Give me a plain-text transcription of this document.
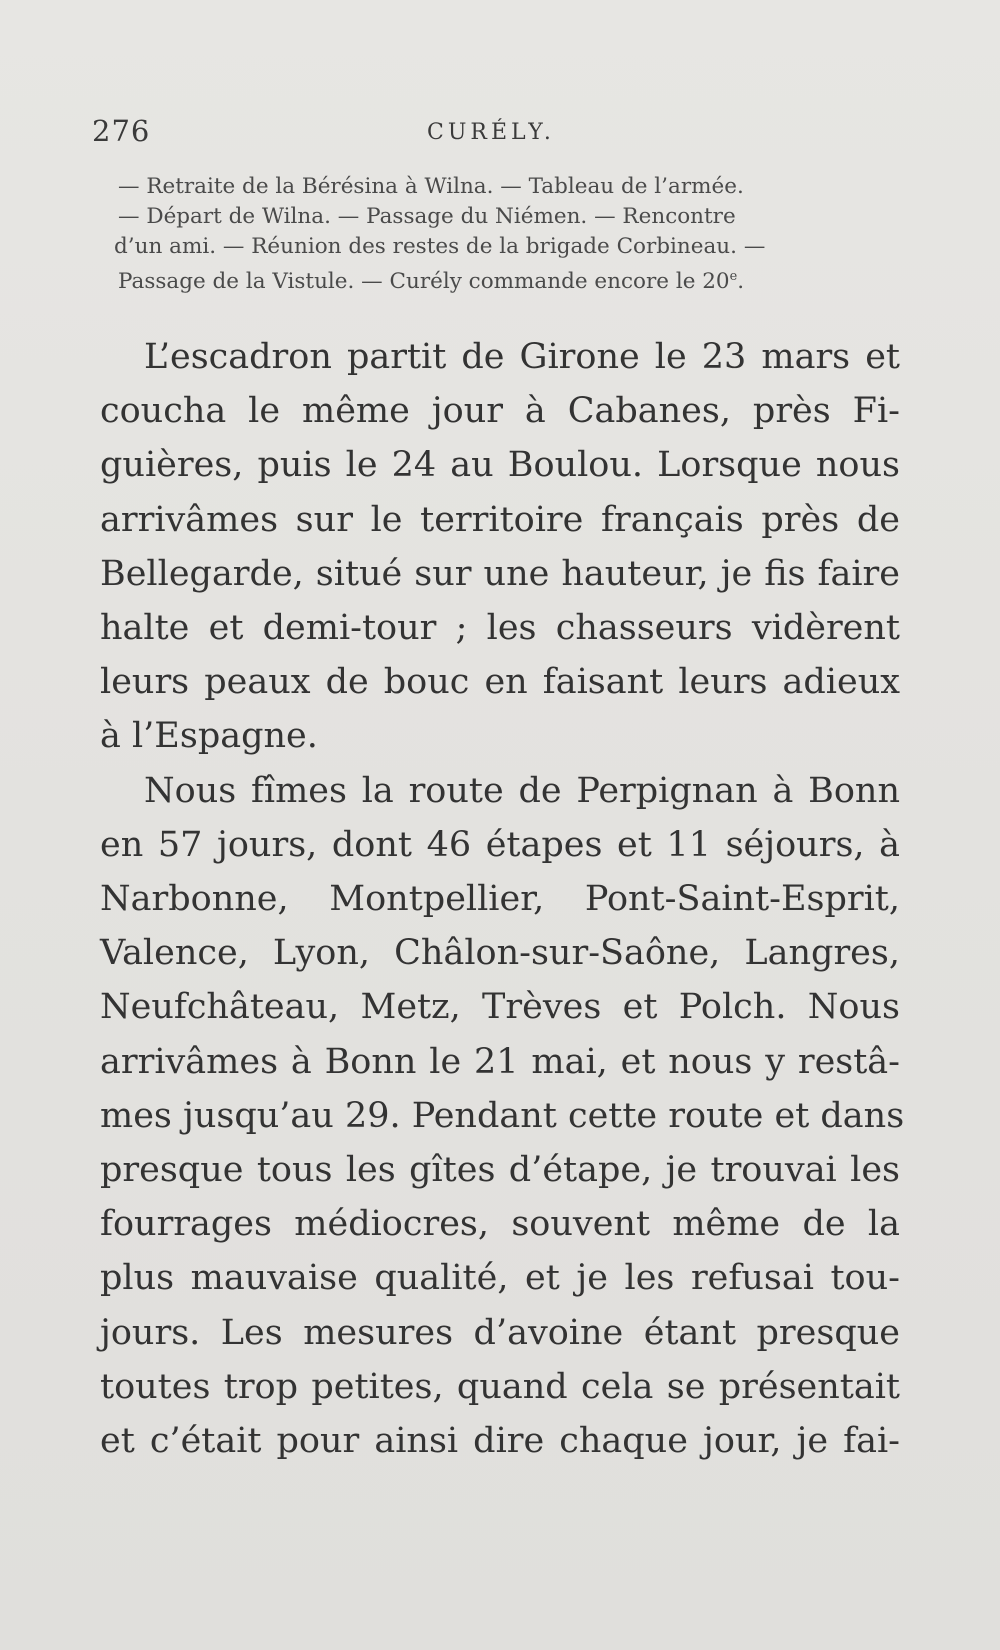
276	CURÉLY.
— Retraite de la Bérésina à Wilna. — Tableau de l’armée.
— Départ de Wilna. — Passage du Niémen. — Rencontre
d’un ami. — Réunion des restes de la brigade Corbineau. —
Passage de la Vistule. — Curély commande encore le 20e.
L’escadron partit de Girone le 23 mars et
coucha le même jour à Cabanes, près Fi-
guières, puis le 24 au Boulou. Lorsque nous
arrivâmes sur le territoire français près de
Bellegarde, situé sur une hauteur, je fis faire
halte et demi-tour ; les chasseurs vidèrent
leurs peaux de bouc en faisant leurs adieux
à l’Espagne.
Nous fîmes la route de Perpignan à Bonn
en 57 jours, dont 46 étapes et 11 séjours, à
Narbonne, Montpellier, Pont-Saint-Esprit,
Valence, Lyon, Châlon-sur-Saône, Langres,
Neufchâteau, Metz, Trèves et Polch. Nous
arrivâmes à Bonn le 21 mai, et nous y restâ-
mes jusqu’au 29. Pendant cette route et dans
presque tous les gîtes d’étape, je trouvai les
fourrages médiocres, souvent même de la
plus mauvaise qualité, et je les refusai tou-
jours. Les mesures d’avoine étant presque
toutes trop petites, quand cela se présentait
et c’était pour ainsi dire chaque jour, je fai-
